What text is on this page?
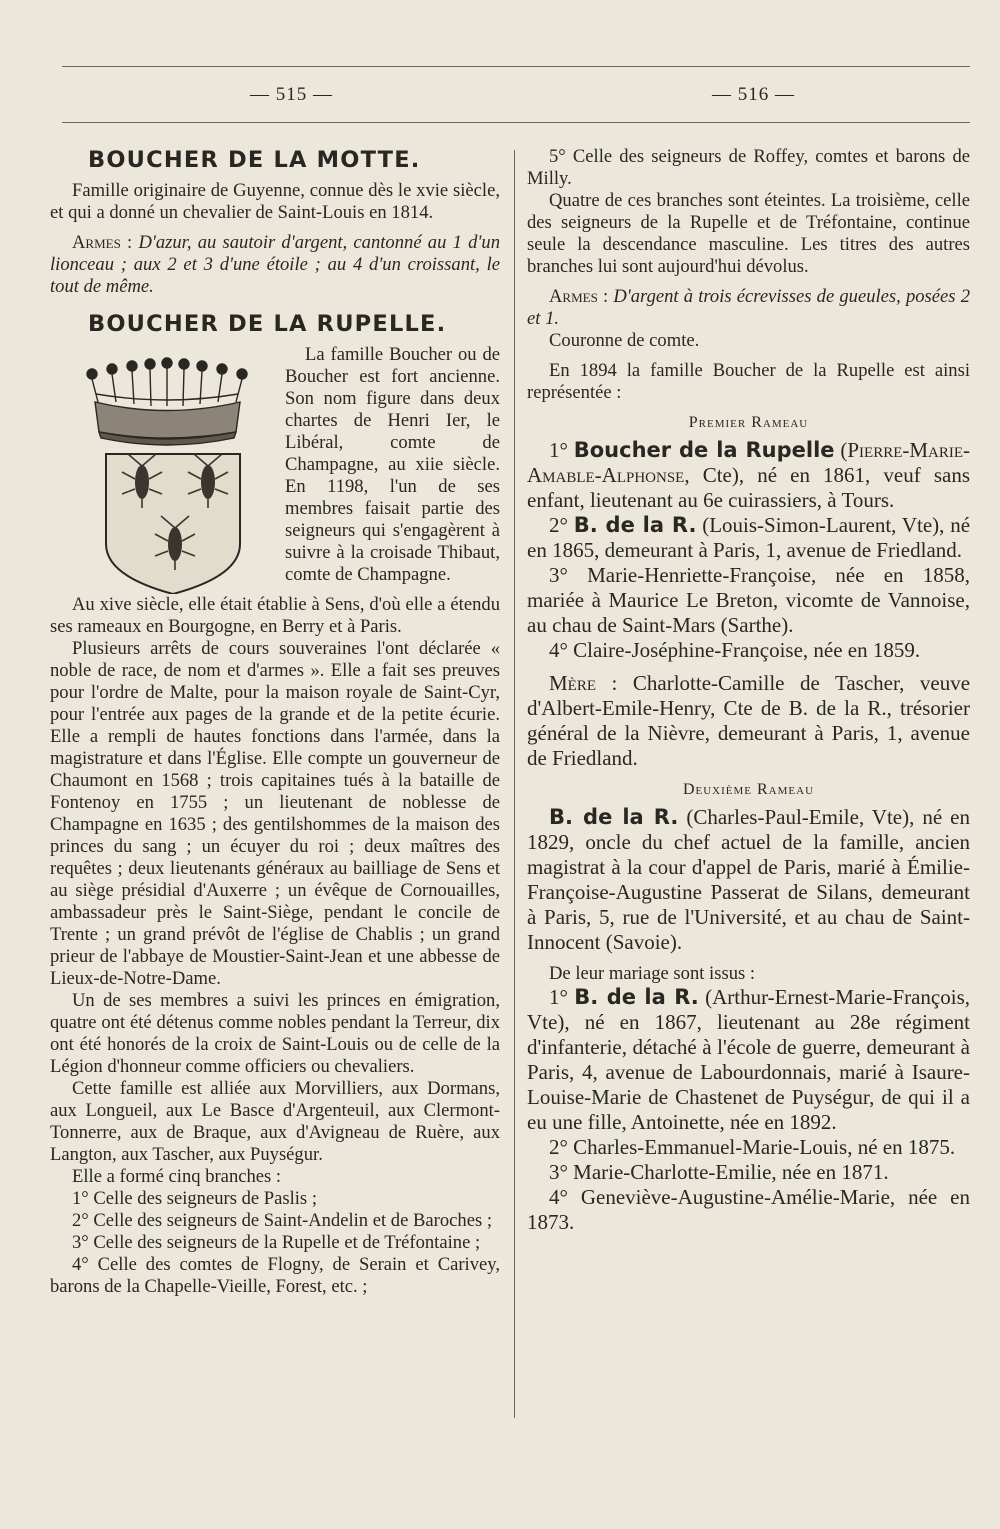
— 515 —	— 516 —
BOUCHER DE LA MOTTE.

Famille originaire de Guyenne, connue dès le xvie siècle, et qui a donné un chevalier de Saint-Louis en 1814.

Armes : D'azur, au sautoir d'argent, cantonné au 1 d'un lionceau ; aux 2 et 3 d'une étoile ; au 4 d'un croissant, le tout de même.

BOUCHER DE LA RUPELLE.

La famille Boucher ou de Boucher est fort ancienne. Son nom figure dans deux chartes de Henri Ier, le Libéral, comte de Champagne, au xiie siècle. En 1198, l'un de ses membres faisait partie des seigneurs qui s'engagèrent à suivre à la croisade Thibaut, comte de Champagne.

Au xive siècle, elle était établie à Sens, d'où elle a étendu ses rameaux en Bourgogne, en Berry et à Paris.

Plusieurs arrêts de cours souveraines l'ont déclarée « noble de race, de nom et d'armes ». Elle a fait ses preuves pour l'ordre de Malte, pour la maison royale de Saint-Cyr, pour l'entrée aux pages de la grande et de la petite écurie. Elle a rempli de hautes fonctions dans l'armée, dans la magistrature et dans l'Église. Elle compte un gouverneur de Chaumont en 1568 ; trois capitaines tués à la bataille de Fontenoy en 1755 ; un lieutenant de noblesse de Champagne en 1635 ; des gentilshommes de la maison des princes du sang ; un écuyer du roi ; deux maîtres des requêtes ; deux lieutenants généraux au bailliage de Sens et au siège présidial d'Auxerre ; un évêque de Cornouailles, ambassadeur près le Saint-Siège, pendant le concile de Trente ; un grand prévôt de l'église de Chablis ; un grand prieur de l'abbaye de Moustier-Saint-Jean et une abbesse de Lieux-de-Notre-Dame.

Un de ses membres a suivi les princes en émigration, quatre ont été détenus comme nobles pendant la Terreur, dix ont été honorés de la croix de Saint-Louis ou de celle de la Légion d'honneur comme officiers ou chevaliers.

Cette famille est alliée aux Morvilliers, aux Dormans, aux Longueil, aux Le Basce d'Argenteuil, aux Clermont-Tonnerre, aux de Braque, aux d'Avigneau de Ruère, aux Langton, aux Tascher, aux Puységur.

Elle a formé cinq branches :

1° Celle des seigneurs de Paslis ;

2° Celle des seigneurs de Saint-Andelin et de Baroches ;

3° Celle des seigneurs de la Rupelle et de Tréfontaine ;

4° Celle des comtes de Flogny, de Serain et Carivey, barons de la Chapelle-Vieille, Forest, etc. ;

5° Celle des seigneurs de Roffey, comtes et barons de Milly.

Quatre de ces branches sont éteintes. La troisième, celle des seigneurs de la Rupelle et de Tréfontaine, continue seule la descendance masculine. Les titres des autres branches lui sont aujourd'hui dévolus.

Armes : D'argent à trois écrevisses de gueules, posées 2 et 1.

Couronne de comte.

En 1894 la famille Boucher de la Rupelle est ainsi représentée :

Premier Rameau

1° Boucher de la Rupelle (Pierre-Marie-Amable-Alphonse, Cte), né en 1861, veuf sans enfant, lieutenant au 6e cuirassiers, à Tours.

2° B. de la R. (Louis-Simon-Laurent, Vte), né en 1865, demeurant à Paris, 1, avenue de Friedland.

3° Marie-Henriette-Françoise, née en 1858, mariée à Maurice Le Breton, vicomte de Vannoise, au chau de Saint-Mars (Sarthe).

4° Claire-Joséphine-Françoise, née en 1859.

Mère : Charlotte-Camille de Tascher, veuve d'Albert-Emile-Henry, Cte de B. de la R., trésorier général de la Nièvre, demeurant à Paris, 1, avenue de Friedland.

Deuxième Rameau

B. de la R. (Charles-Paul-Emile, Vte), né en 1829, oncle du chef actuel de la famille, ancien magistrat à la cour d'appel de Paris, marié à Émilie-Françoise-Augustine Passerat de Silans, demeurant à Paris, 5, rue de l'Université, et au chau de Saint-Innocent (Savoie).

De leur mariage sont issus :

1° B. de la R. (Arthur-Ernest-Marie-François, Vte), né en 1867, lieutenant au 28e régiment d'infanterie, détaché à l'école de guerre, demeurant à Paris, 4, avenue de Labourdonnais, marié à Isaure-Louise-Marie de Chastenet de Puységur, de qui il a eu une fille, Antoinette, née en 1892.

2° Charles-Emmanuel-Marie-Louis, né en 1875.

3° Marie-Charlotte-Emilie, née en 1871.

4° Geneviève-Augustine-Amélie-Marie, née en 1873.
